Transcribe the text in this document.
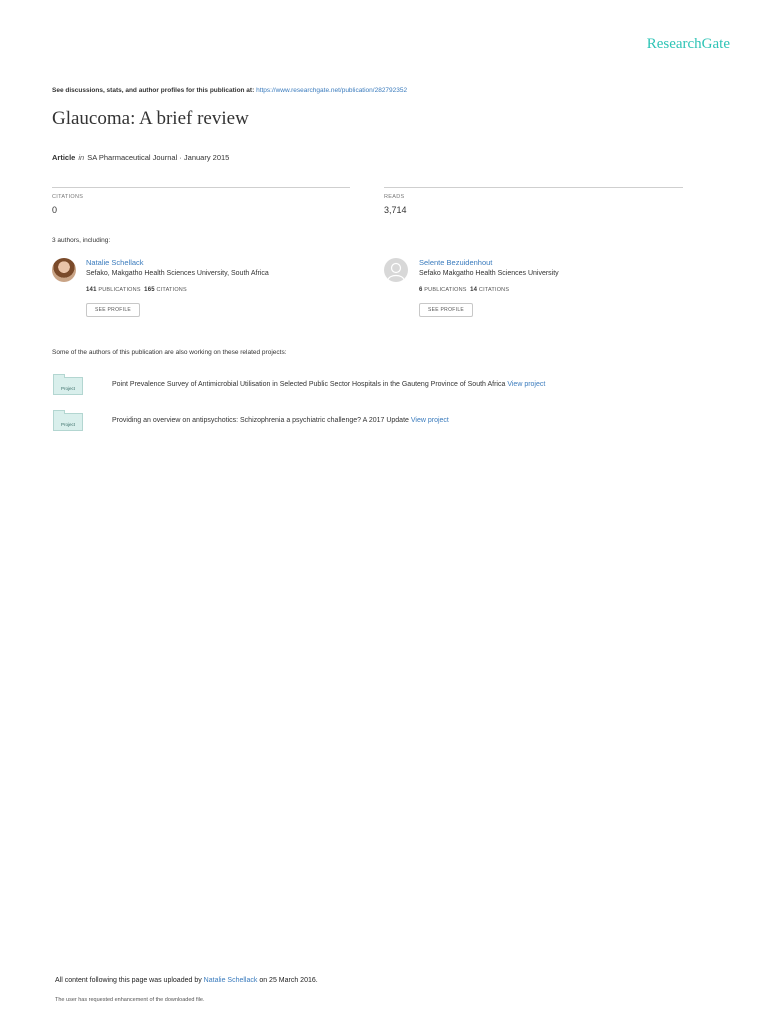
ResearchGate
See discussions, stats, and author profiles for this publication at: https://www.researchgate.net/publication/282792352
Glaucoma: A brief review
Article in SA Pharmaceutical Journal · January 2015
CITATIONS
0
READS
3,714
3 authors, including:
Natalie Schellack
Sefako, Makgatho Health Sciences University, South Africa
141 PUBLICATIONS 165 CITATIONS
SEE PROFILE
Selente Bezuidenhout
Sefako Makgatho Health Sciences University
6 PUBLICATIONS 14 CITATIONS
SEE PROFILE
Some of the authors of this publication are also working on these related projects:
Project
Point Prevalence Survey of Antimicrobial Utilisation in Selected Public Sector Hospitals in the Gauteng Province of South Africa View project
Project
Providing an overview on antipsychotics: Schizophrenia a psychiatric challenge? A 2017 Update View project
All content following this page was uploaded by Natalie Schellack on 25 March 2016.
The user has requested enhancement of the downloaded file.
